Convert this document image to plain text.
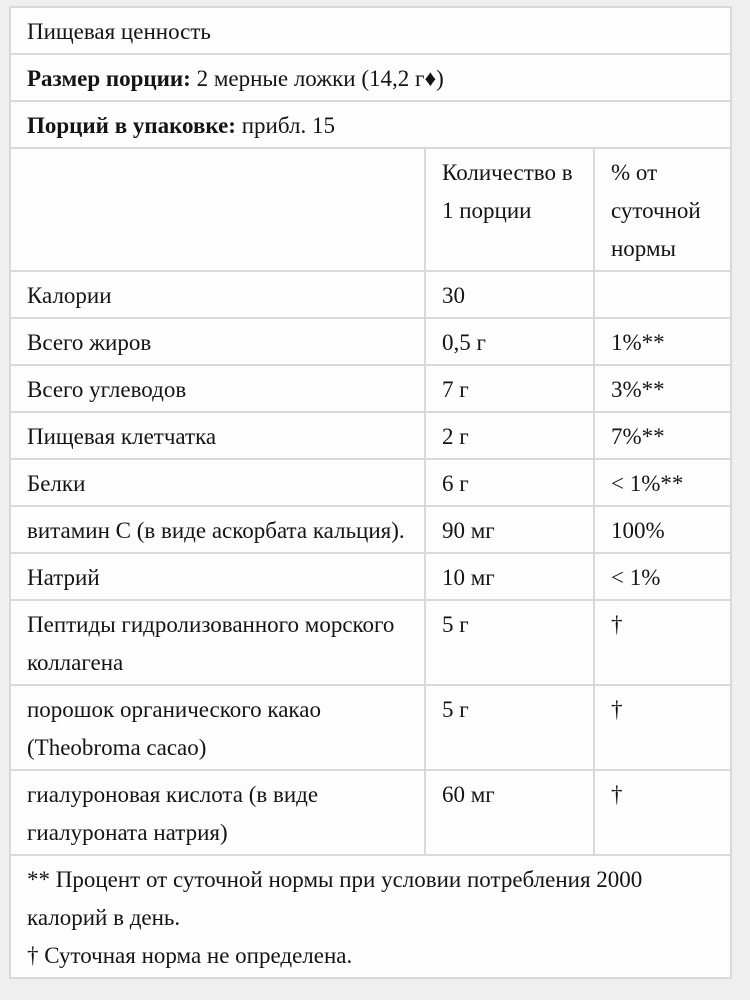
Пищевая ценность		
Размер порции: 2 мерные ложки (14,2 г♦)		
Порций в упаковке: прибл. 15		
	Количество в 1 порции	% от суточной нормы
Калории	30	
Всего жиров	0,5 г	1%**
Всего углеводов	7 г	3%**
Пищевая клетчатка	2 г	7%**
Белки	6 г	< 1%**
витамин C (в виде аскорбата кальция).	90 мг	100%
Натрий	10 мг	< 1%
Пептиды гидролизованного морского коллагена	5 г	†
порошок органического какао (Theobroma cacao)	5 г	†
гиалуроновая кислота (в виде гиалуроната натрия)	60 мг	†

** Процент от суточной нормы при условии потребления 2000 калорий в день.
† Суточная норма не определена.		
